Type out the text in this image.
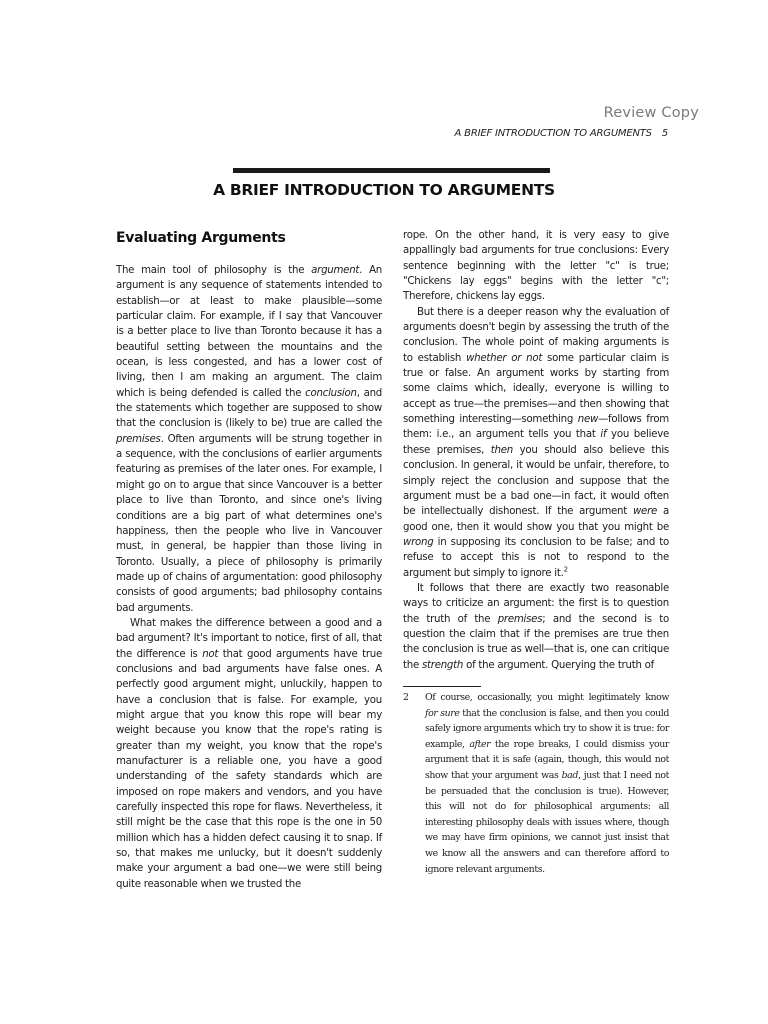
Review Copy
A BRIEF INTRODUCTION TO ARGUMENTS 5
A BRIEF INTRODUCTION TO ARGUMENTS
Evaluating Arguments

The main tool of philosophy is the argument. An argument is any sequence of statements intended to establish—or at least to make plausible—some particular claim. For example, if I say that Vancouver is a better place to live than Toronto because it has a beautiful setting between the mountains and the ocean, is less congested, and has a lower cost of living, then I am making an argument. The claim which is being defended is called the conclusion, and the statements which together are supposed to show that the conclusion is (likely to be) true are called the premises. Often arguments will be strung together in a sequence, with the conclusions of earlier arguments featuring as premises of the later ones. For example, I might go on to argue that since Vancouver is a better place to live than Toronto, and since one's living conditions are a big part of what determines one's happiness, then the people who live in Vancouver must, in general, be happier than those living in Toronto. Usually, a piece of philosophy is primarily made up of chains of argumentation: good philosophy consists of good arguments; bad philosophy contains bad arguments.

What makes the difference between a good and a bad argument? It's important to notice, first of all, that the difference is not that good arguments have true conclusions and bad arguments have false ones. A perfectly good argument might, unluckily, happen to have a conclusion that is false. For example, you might argue that you know this rope will bear my weight because you know that the rope's rating is greater than my weight, you know that the rope's manufacturer is a reliable one, you have a good understanding of the safety standards which are imposed on rope makers and vendors, and you have carefully inspected this rope for flaws. Nevertheless, it still might be the case that this rope is the one in 50 million which has a hidden defect causing it to snap. If so, that makes me unlucky, but it doesn't suddenly make your argument a bad one—we were still being quite reasonable when we trusted the

rope. On the other hand, it is very easy to give appallingly bad arguments for true conclusions: Every sentence beginning with the letter "c" is true; "Chickens lay eggs" begins with the letter "c"; Therefore, chickens lay eggs.

But there is a deeper reason why the evaluation of arguments doesn't begin by assessing the truth of the conclusion. The whole point of making arguments is to establish whether or not some particular claim is true or false. An argument works by starting from some claims which, ideally, everyone is willing to accept as true—the premises—and then showing that something interesting—something new—follows from them: i.e., an argument tells you that if you believe these premises, then you should also believe this conclusion. In general, it would be unfair, therefore, to simply reject the conclusion and suppose that the argument must be a bad one—in fact, it would often be intellectually dishonest. If the argument were a good one, then it would show you that you might be wrong in supposing its conclusion to be false; and to refuse to accept this is not to respond to the argument but simply to ignore it.$^2$

It follows that there are exactly two reasonable ways to criticize an argument: the first is to question the truth of the premises; and the second is to question the claim that if the premises are true then the conclusion is true as well—that is, one can critique the strength of the argument. Querying the truth of

2 Of course, occasionally, you might legitimately know for sure that the conclusion is false, and then you could safely ignore arguments which try to show it is true: for example, after the rope breaks, I could dismiss your argument that it is safe (again, though, this would not show that your argument was bad, just that I need not be persuaded that the conclusion is true). However, this will not do for philosophical arguments: all interesting philosophy deals with issues where, though we may have firm opinions, we cannot just insist that we know all the answers and can therefore afford to ignore relevant arguments.
